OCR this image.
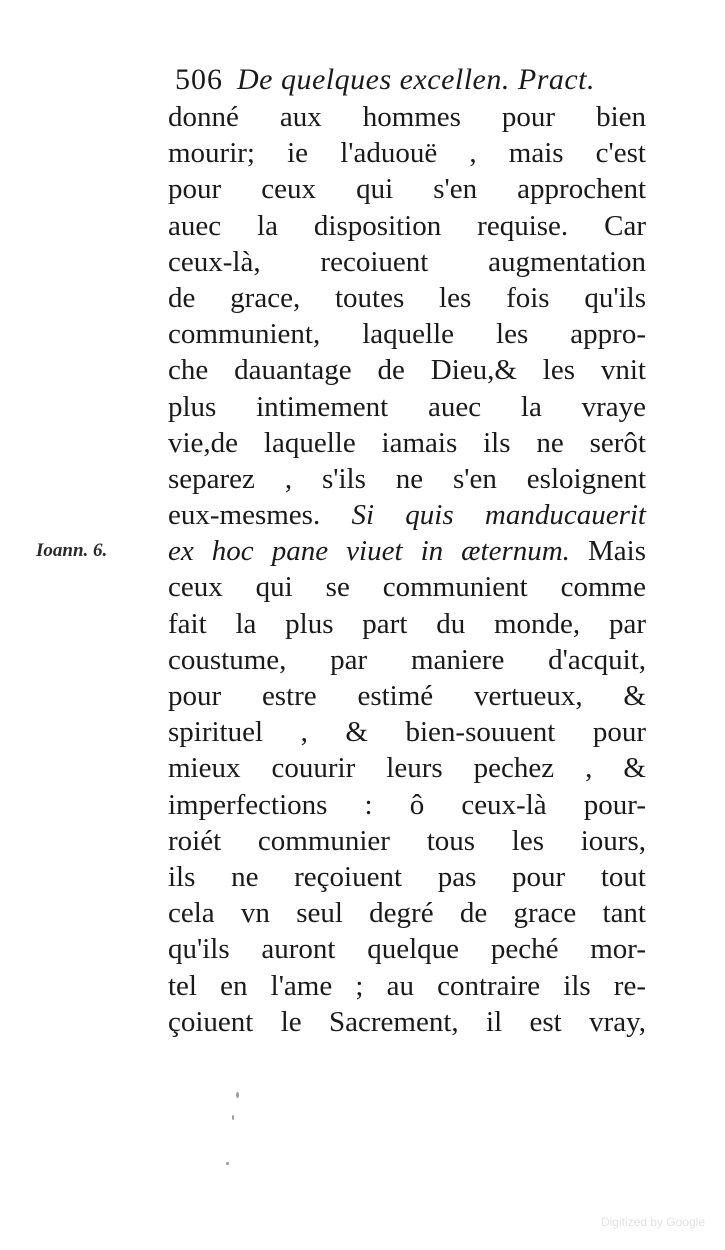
506 De quelques excellen. Pract.
Ioann. 6.
donné aux hommes pour bien
mourir; ie l'aduouë , mais c'est
pour ceux qui s'en approchent
auec la disposition requise. Car
ceux-là, recoiuent augmentation
de grace, toutes les fois qu'ils
communient, laquelle les appro-
che dauantage de Dieu,& les vnit
plus intimement auec la vraye
vie,de laquelle iamais ils ne serôt
separez , s'ils ne s'en esloignent
eux-mesmes. Si quis manducauerit
ex hoc pane viuet in æternum. Mais
ceux qui se communient comme
fait la plus part du monde, par
coustume, par maniere d'acquit,
pour estre estimé vertueux, &
spirituel , & bien-souuent pour
mieux couurir leurs pechez , &
imperfections : ô ceux-là pour-
roiét communier tous les iours,
ils ne reçoiuent pas pour tout
cela vn seul degré de grace tant
qu'ils auront quelque peché mor-
tel en l'ame ; au contraire ils re-
çoiuent le Sacrement, il est vray,
Digitized by Google
